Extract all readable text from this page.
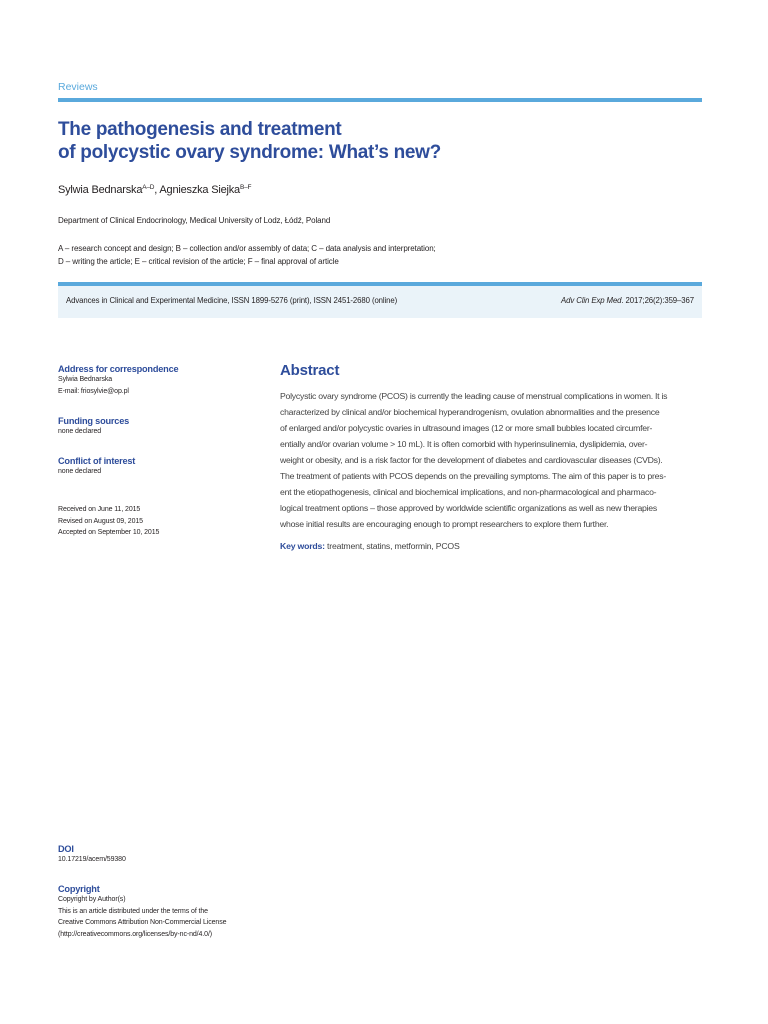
Reviews
The pathogenesis and treatment
of polycystic ovary syndrome: What’s new?
Sylwia Bednarska$^{A-D}$, Agnieszka Siejka$^{B-F}$
Department of Clinical Endocrinology, Medical University of Lodz, Łódź, Poland
A – research concept and design; B – collection and/or assembly of data; C – data analysis and interpretation;
D – writing the article; E – critical revision of the article; F – final approval of article
Advances in Clinical and Experimental Medicine, ISSN 1899-5276 (print), ISSN 2451-2680 (online)	Adv Clin Exp Med. 2017;26(2):359–367
Address for correspondence
Sylwia Bednarska
E-mail: friosylvie@op.pl
Funding sources
none declared
Conflict of interest
none declared
Received on June 11, 2015
Revised on August 09, 2015
Accepted on September 10, 2015
DOI
10.17219/acem/59380
Copyright
Copyright by Author(s)
This is an article distributed under the terms of the
Creative Commons Attribution Non-Commercial License
(http://creativecommons.org/licenses/by-nc-nd/4.0/)
Abstract
Polycystic ovary syndrome (PCOS) is currently the leading cause of menstrual complications in women. It is
characterized by clinical and/or biochemical hyperandrogenism, ovulation abnormalities and the presence
of enlarged and/or polycystic ovaries in ultrasound images (12 or more small bubbles located circumfer-
entially and/or ovarian volume > 10 mL). It is often comorbid with hyperinsulinemia, dyslipidemia, over-
weight or obesity, and is a risk factor for the development of diabetes and cardiovascular diseases (CVDs).
The treatment of patients with PCOS depends on the prevailing symptoms. The aim of this paper is to pres-
ent the etiopathogenesis, clinical and biochemical implications, and non-pharmacological and pharmaco-
logical treatment options – those approved by worldwide scientific organizations as well as new therapies
whose initial results are encouraging enough to prompt researchers to explore them further.
Key words: treatment, statins, metformin, PCOS
